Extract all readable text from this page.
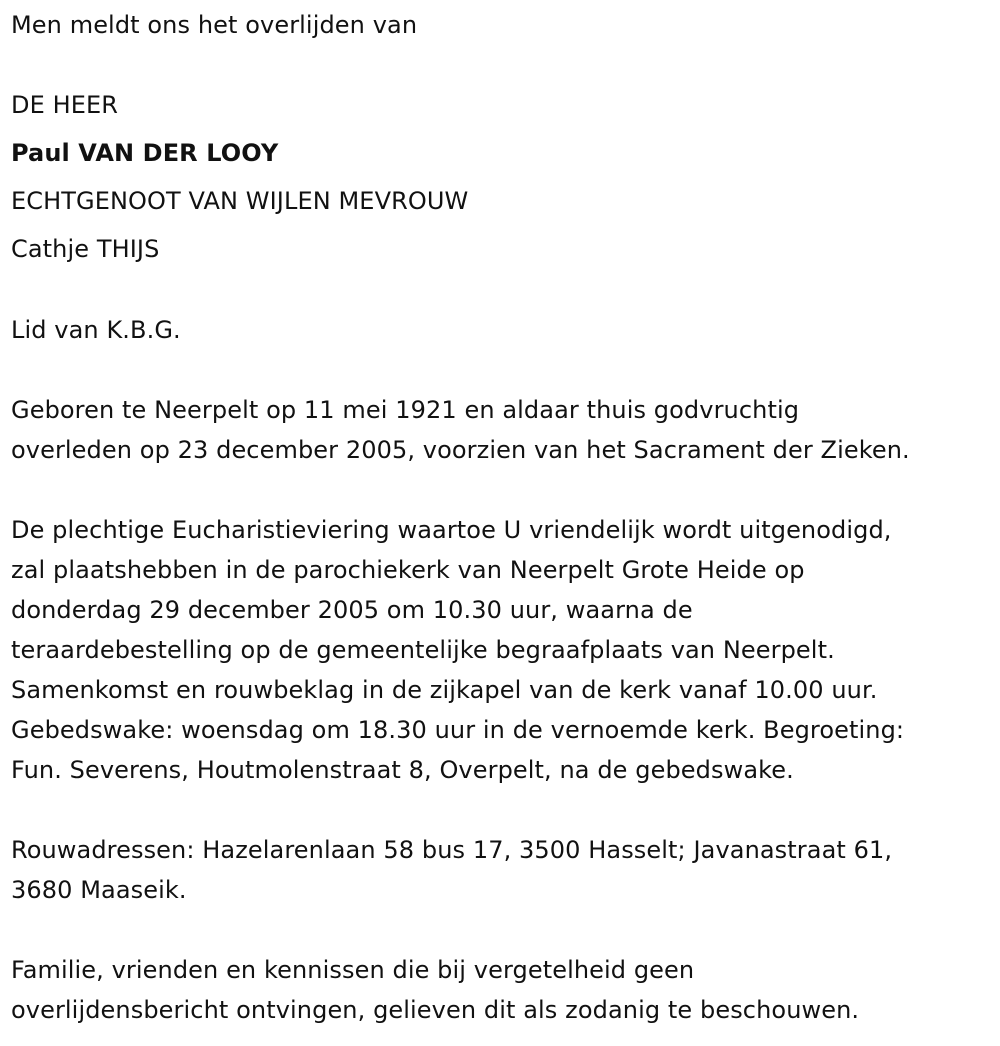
Men meldt ons het overlijden van
DE HEER
Paul VAN DER LOOY
ECHTGENOOT VAN WIJLEN MEVROUW
Cathje THIJS
Lid van K.B.G.
Geboren te Neerpelt op 11 mei 1921 en aldaar thuis godvruchtig
overleden op 23 december 2005, voorzien van het Sacrament der Zieken.
De plechtige Eucharistieviering waartoe U vriendelijk wordt uitgenodigd,
zal plaatshebben in de parochiekerk van Neerpelt Grote Heide op
donderdag 29 december 2005 om 10.30 uur, waarna de
teraardebestelling op de gemeentelijke begraafplaats van Neerpelt.
Samenkomst en rouwbeklag in de zijkapel van de kerk vanaf 10.00 uur.
Gebedswake: woensdag om 18.30 uur in de vernoemde kerk. Begroeting:
Fun. Severens, Houtmolenstraat 8, Overpelt, na de gebedswake.
Rouwadressen: Hazelarenlaan 58 bus 17, 3500 Hasselt; Javanastraat 61,
3680 Maaseik.
Familie, vrienden en kennissen die bij vergetelheid geen
overlijdensbericht ontvingen, gelieven dit als zodanig te beschouwen.
